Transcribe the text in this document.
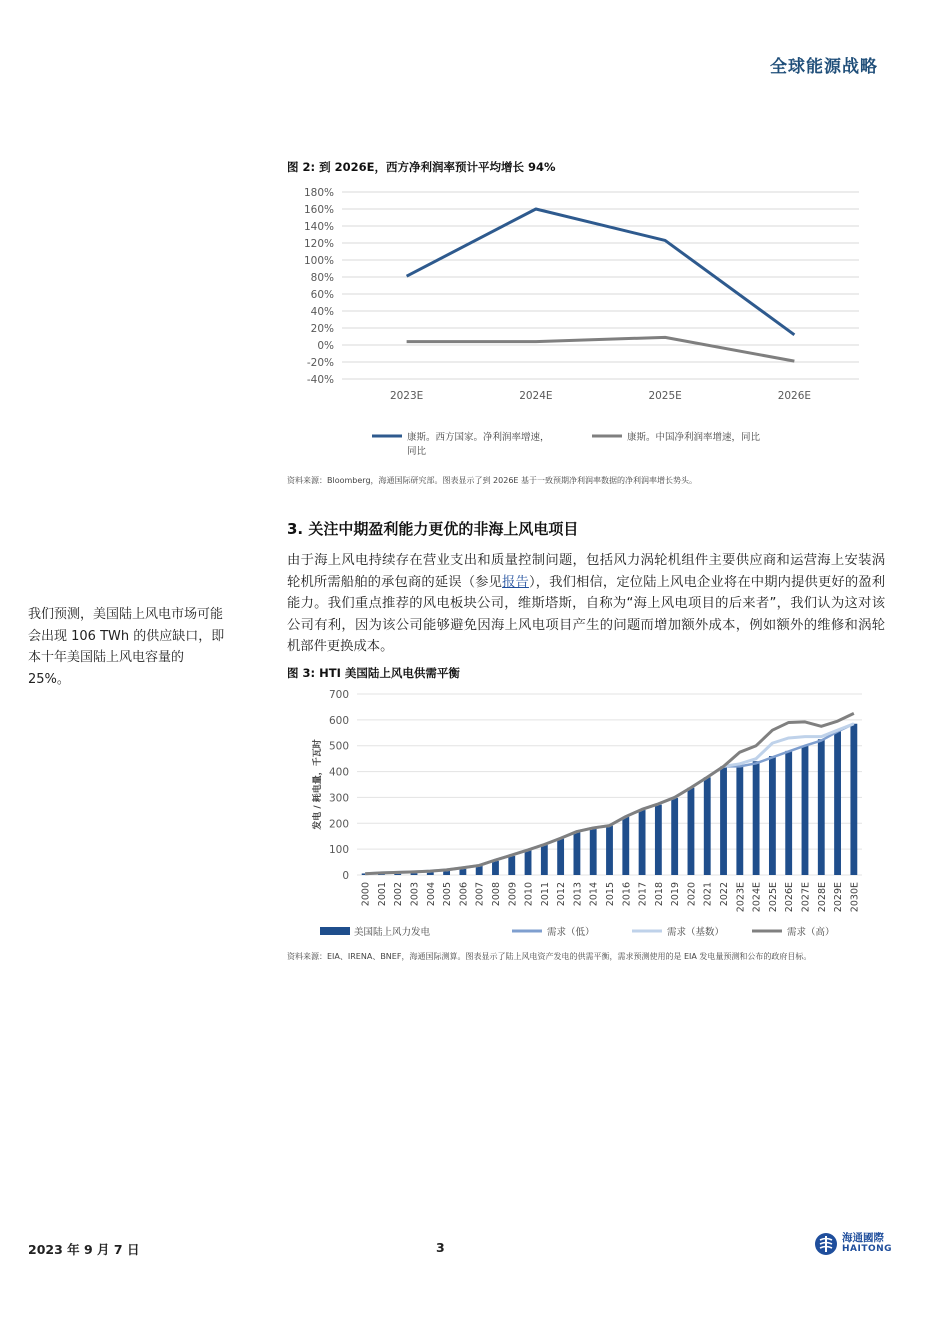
全球能源战略
图 2: 到 2026E，西方净利润率预计平均增长 94%
-40%
-20%
0%
20%
40%
60%
80%
100%
120%
140%
160%
180%
2023E	2024E	2025E	2026E
康斯。西方国家。净利润率增速，同比
康斯。中国净利润率增速，同比
资料来源：Bloomberg，海通国际研究部。图表显示了到 2026E 基于一致预期净利润率数据的净利润率增长势头。
3. 关注中期盈利能力更优的非海上风电项目
由于海上风电持续存在营业支出和质量控制问题，包括风力涡轮机组件主要供应商和运营海上安装涡轮机所需船舶的承包商的延误（参见报告），我们相信，定位陆上风电企业将在中期内提供更好的盈利能力。我们重点推荐的风电板块公司，维斯塔斯，自称为“海上风电项目的后来者”，我们认为这对该公司有利，因为该公司能够避免因海上风电项目产生的问题而增加额外成本，例如额外的维修和涡轮机部件更换成本。
我们预测，美国陆上风电市场可能会出现 106 TWh 的供应缺口，即本十年美国陆上风电容量的 25%。	图 3: HTI 美国陆上风电供需平衡
0
100
200
300
400
500
600
700
发电 / 耗电量，千瓦时
2000 2001 2002 2003 2004 2005 2006 2007 2008 2009 2010 2011 2012 2013 2014 2015 2016 2017 2018 2019 2020 2021 2022 2023E 2024E 2025E 2026E 2027E 2028E 2029E 2030E
美国陆上风力发电	需求（低）	需求（基数）	需求（高）
资料来源：EIA、IRENA、BNEF，海通国际测算。图表显示了陆上风电资产发电的供需平衡，需求预测使用的是 EIA 发电量预测和公布的政府目标。
2023 年 9 月 7 日	3
海通國際
HAITONG
